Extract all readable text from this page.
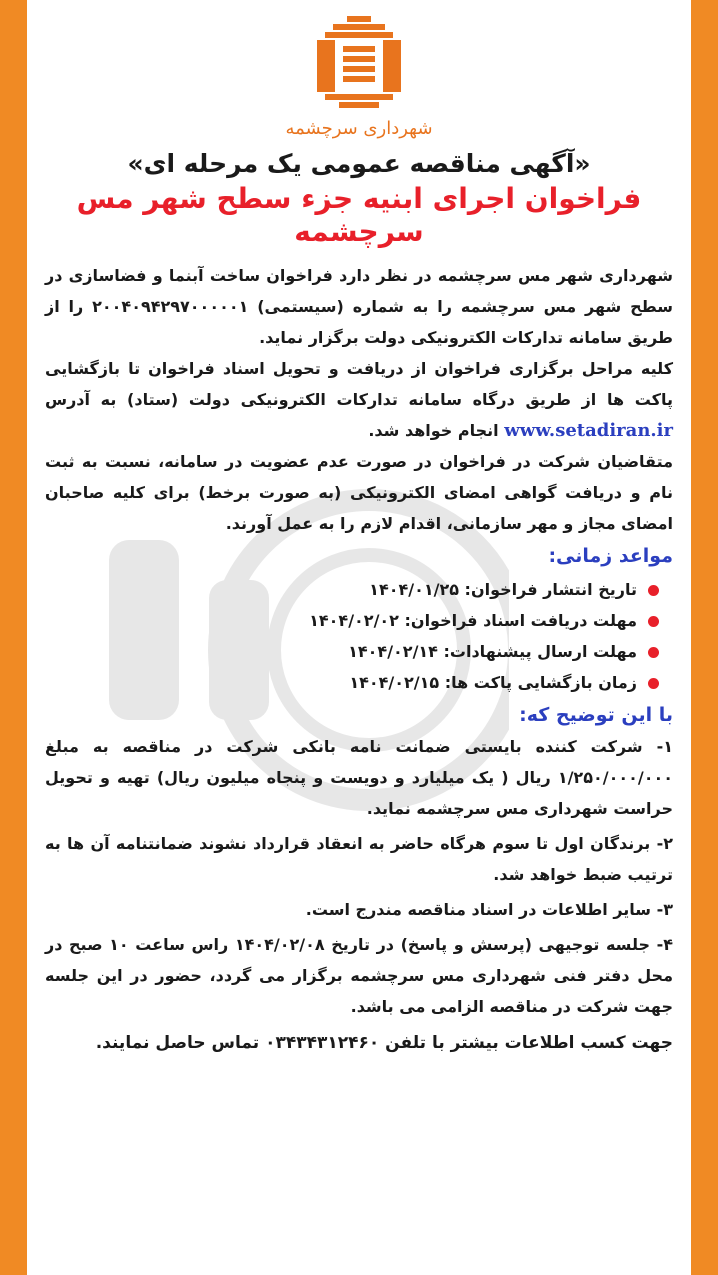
شهرداری سرچشمه
«آگهی مناقصه عمومی یک مرحله ای»
فراخوان اجرای ابنیه جزء سطح شهر مس سرچشمه

شهرداری شهر مس سرچشمه در نظر دارد فراخوان ساخت آبنما و فضاسازی در سطح شهر مس سرچشمه را به شماره (سیستمی) ۲۰۰۴۰۹۴۲۹۷۰۰۰۰۰۱ را از طریق سامانه تدارکات الکترونیکی دولت برگزار نماید.

کلیه مراحل برگزاری فراخوان از دریافت و تحویل اسناد فراخوان تا بازگشایی پاکت ها از طریق درگاه سامانه تدارکات الکترونیکی دولت (ستاد) به آدرس www.setadiran.ir انجام خواهد شد.

متقاضیان شرکت در فراخوان در صورت عدم عضویت در سامانه، نسبت به ثبت نام و دریافت گواهی امضای الکترونیکی (به صورت برخط) برای کلیه صاحبان امضای مجاز و مهر سازمانی، اقدام لازم را به عمل آورند.

مواعد زمانی:
تاریخ انتشار فراخوان: ۱۴۰۴/۰۱/۲۵
مهلت دریافت اسناد فراخوان: ۱۴۰۴/۰۲/۰۲
مهلت ارسال پیشنهادات: ۱۴۰۴/۰۲/۱۴
زمان بازگشایی پاکت ها: ۱۴۰۴/۰۲/۱۵
با این توضیح که:

۱- شرکت کننده بایستی ضمانت نامه بانکی شرکت در مناقصه به مبلغ ۱/۲۵۰/۰۰۰/۰۰۰ ریال ( یک میلیارد و دویست و پنجاه میلیون ریال) تهیه و تحویل حراست شهرداری مس سرچشمه نماید.

۲- برندگان اول تا سوم هرگاه حاضر به انعقاد قرارداد نشوند ضمانتنامه آن ها به ترتیب ضبط خواهد شد.

۳- سایر اطلاعات در اسناد مناقصه مندرج است.

۴- جلسه توجیهی (پرسش و پاسخ) در تاریخ ۱۴۰۴/۰۲/۰۸ راس ساعت ۱۰ صبح در محل دفتر فنی شهرداری مس سرچشمه برگزار می گردد، حضور در این جلسه جهت شرکت در مناقصه الزامی می باشد.

جهت کسب اطلاعات بیشتر با تلفن ۰۳۴۳۴۳۱۲۴۶۰ تماس حاصل نمایند.
